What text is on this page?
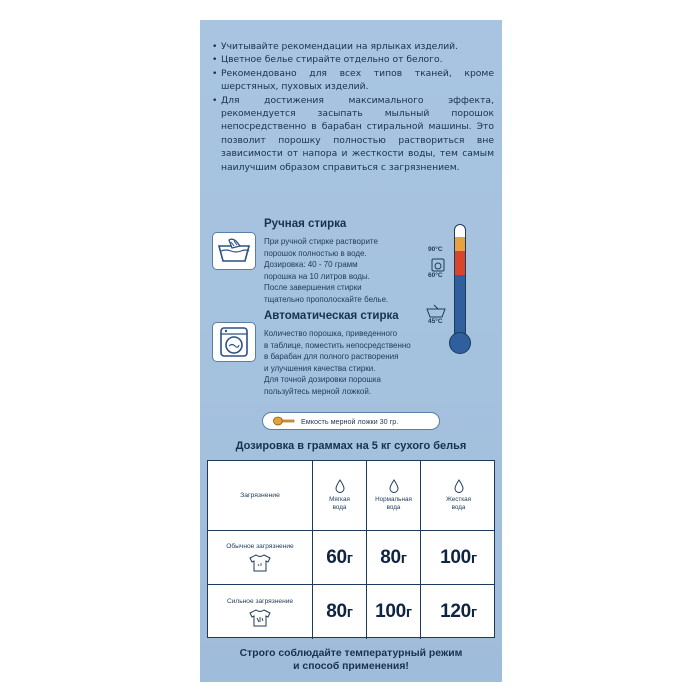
• Учитывайте рекомендации на ярлыках изделий.
• Цветное белье стирайте отдельно от белого.
• Рекомендовано для всех типов тканей, кроме шерстяных, пуховых изделий.
• Для достижения максимального эффекта, рекомендуется засыпать мыльный порошок непосредственно в барабан стиральной машины. Это позволит порошку полностью раствориться вне зависимости от напора и жесткости воды, тем самым наилучшим образом справиться с загрязнением.
Ручная стирка
При ручной стирке растворите
порошок полностью в воде.
Дозировка: 40 - 70 грамм
порошка на 10 литров воды.
После завершения стирки
тщательно прополоскайте белье.
90°C
60°C
45°C
Автоматическая стирка
Количество порошка, приведенного
в таблице, поместить непосредственно
в барабан для полного растворения
и улучшения качества стирки.
Для точной дозировки порошка
пользуйтесь мерной ложкой.
Емкость мерной ложки 30 гр.
Дозировка в граммах на 5 кг сухого белья
Загрязнение
Мягкая
вода
Нормальная
вода
Жесткая
вода
Обычное загрязнение 60г 80г 100г
Сильное загрязнение 80г 100г 120г
Строго соблюдайте температурный режим
и способ применения!
